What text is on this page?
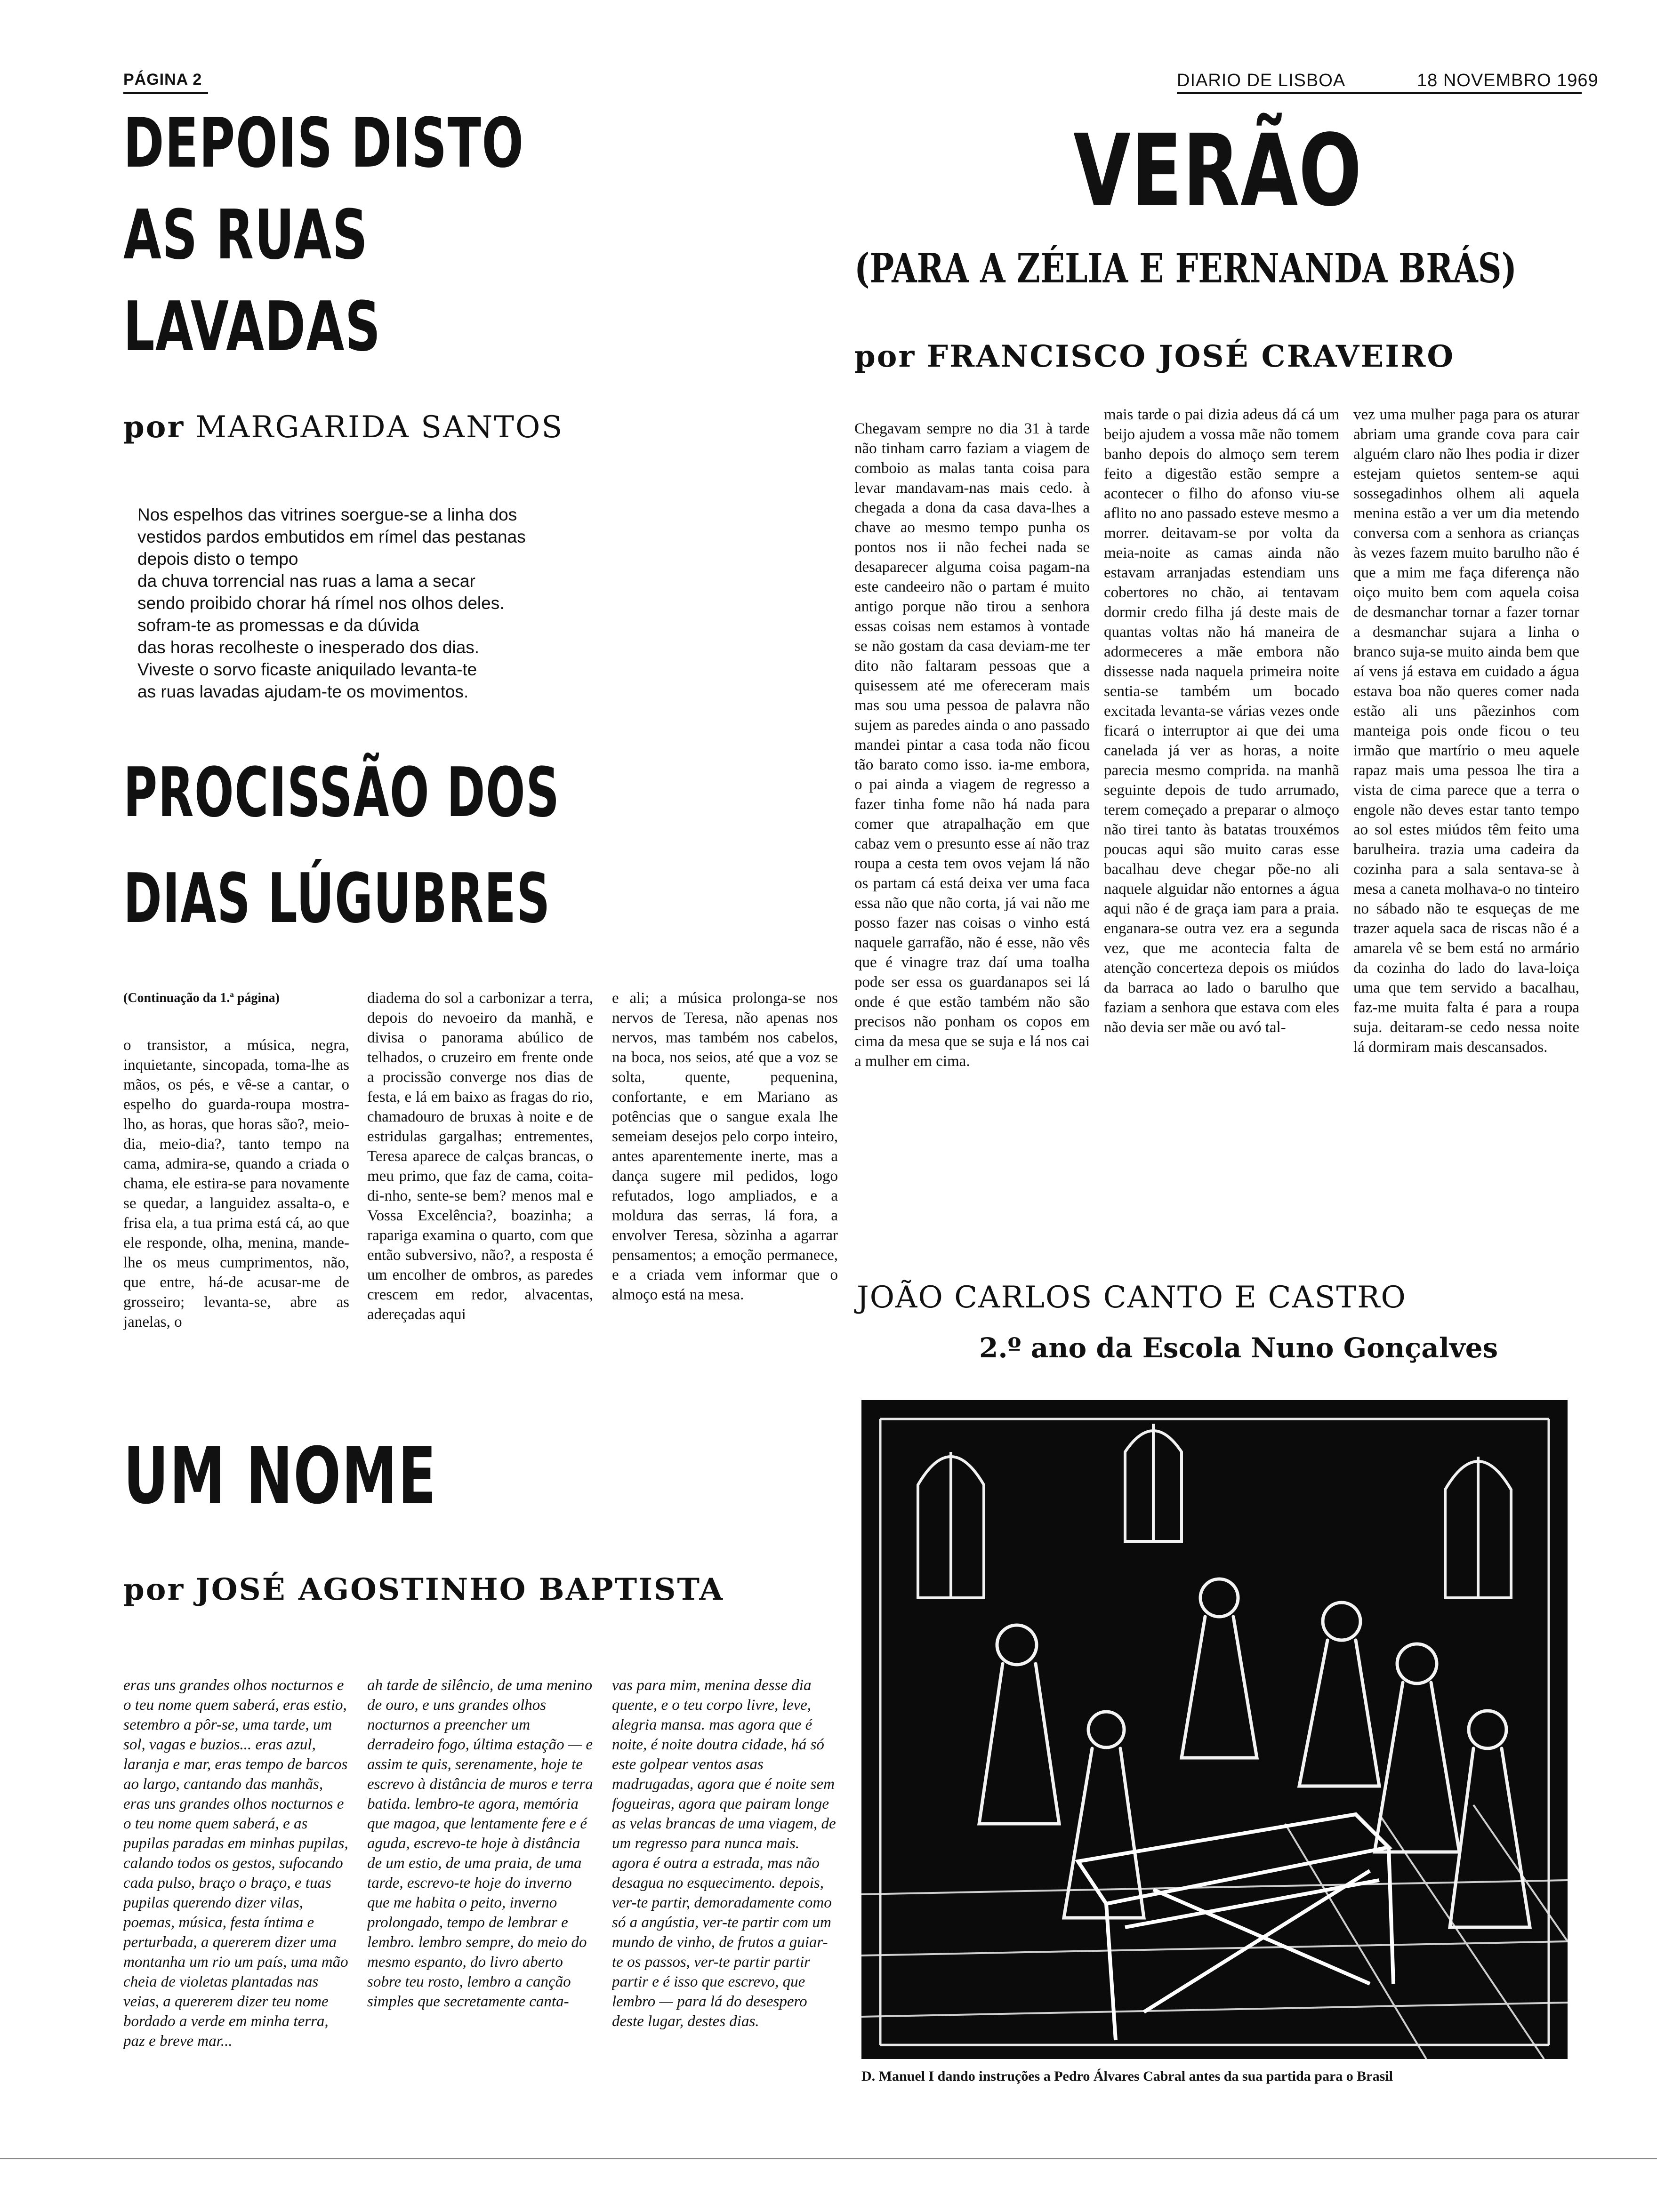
PÁGINA 2	DIARIO DE LISBOA	18 NOVEMBRO 1969
DEPOIS DISTO
AS RUAS
LAVADAS
por MARGARIDA SANTOS
Nos espelhos das vitrines soergue-se a linha dos
vestidos pardos embutidos em rímel das pestanas
depois disto o tempo
da chuva torrencial nas ruas a lama a secar
sendo proibido chorar há rímel nos olhos deles.
sofram-te as promessas e da dúvida
das horas recolheste o inesperado dos dias.
Viveste o sorvo ficaste aniquilado levanta-te
as ruas lavadas ajudam-te os movimentos.
PROCISSÃO DOS
DIAS LÚGUBRES
(Continuação da 1.ª página)
o transistor, a música, negra, inquietante, sincopada, toma-lhe as mãos, os pés, e vê-se a cantar, o espelho do guarda-roupa mostra-lho, as horas, que horas são?, meio-dia, meio-dia?, tanto tempo na cama, admira-se, quando a criada o chama, ele estira-se para novamente se quedar, a languidez assalta-o, e frisa ela, a tua prima está cá, ao que ele responde, olha, menina, mande-lhe os meus cumprimentos, não, que entre, há-de acusar-me de grosseiro; levanta-se, abre as janelas, o
diadema do sol a carbonizar a terra, depois do nevoeiro da manhã, e divisa o panorama abúlico de telhados, o cruzeiro em frente onde a procissão converge nos dias de festa, e lá em baixo as fragas do rio, chamadouro de bruxas à noite e de estridulas gargalhas; entrementes, Teresa aparece de calças brancas, o meu primo, que faz de cama, coita-di-nho, sente-se bem? menos mal e Vossa Excelência?, boazinha; a rapariga examina o quarto, com que então subversivo, não?, a resposta é um encolher de ombros, as paredes crescem em redor, alvacentas, adereçadas aqui
e ali; a música prolonga-se nos nervos de Teresa, não apenas nos nervos, mas também nos cabelos, na boca, nos seios, até que a voz se solta, quente, pequenina, confortante, e em Mariano as potências que o sangue exala lhe semeiam desejos pelo corpo inteiro, antes aparentemente inerte, mas a dança sugere mil pedidos, logo refutados, logo ampliados, e a moldura das serras, lá fora, a envolver Teresa, sòzinha a agarrar pensamentos; a emoção permanece, e a criada vem informar que o almoço está na mesa.
UM NOME
por JOSÉ AGOSTINHO BAPTISTA
eras uns grandes olhos nocturnos e o teu nome quem saberá, eras estio, setembro a pôr-se, uma tarde, um sol, vagas e buzios... eras azul, laranja e mar, eras tempo de barcos ao largo, cantando das manhãs, eras uns grandes olhos nocturnos e o teu nome quem saberá, e as pupilas paradas em minhas pupilas, calando todos os gestos, sufocando cada pulso, braço o braço, e tuas pupilas querendo dizer vilas, poemas, música, festa íntima e perturbada, a quererem dizer uma montanha um rio um país, uma mão cheia de violetas plantadas nas veias, a quererem dizer teu nome bordado a verde em minha terra, paz e breve mar...
ah tarde de silêncio, de uma menino de ouro, e uns grandes olhos nocturnos a preencher um derradeiro fogo, última estação — e assim te quis, serenamente, hoje te escrevo à distância de muros e terra batida. lembro-te agora, memória que magoa, que lentamente fere e é aguda, escrevo-te hoje à distância de um estio, de uma praia, de uma tarde, escrevo-te hoje do inverno que me habita o peito, inverno prolongado, tempo de lembrar e lembro. lembro sempre, do meio do mesmo espanto, do livro aberto sobre teu rosto, lembro a canção simples que secretamente canta-
vas para mim, menina desse dia quente, e o teu corpo livre, leve, alegria mansa. mas agora que é noite, é noite doutra cidade, há só este golpear ventos asas madrugadas, agora que é noite sem fogueiras, agora que pairam longe as velas brancas de uma viagem, de um regresso para nunca mais. agora é outra a estrada, mas não desagua no esquecimento. depois, ver-te partir, demoradamente como só a angústia, ver-te partir com um mundo de vinho, de frutos a guiar-te os passos, ver-te partir partir partir e é isso que escrevo, que lembro — para lá do desespero deste lugar, destes dias.
VERÃO
(PARA A ZÉLIA E FERNANDA BRÁS)
por FRANCISCO JOSÉ CRAVEIRO
Chegavam sempre no dia 31 à tarde não tinham carro faziam a viagem de comboio as malas tanta coisa para levar mandavam-nas mais cedo. à chegada a dona da casa dava-lhes a chave ao mesmo tempo punha os pontos nos ii não fechei nada se desaparecer alguma coisa pagam-na este candeeiro não o partam é muito antigo porque não tirou a senhora essas coisas nem estamos à vontade se não gostam da casa deviam-me ter dito não faltaram pessoas que a quisessem até me ofereceram mais mas sou uma pessoa de palavra não sujem as paredes ainda o ano passado mandei pintar a casa toda não ficou tão barato como isso. ia-me embora, o pai ainda a viagem de regresso a fazer tinha fome não há nada para comer que atrapalhação em que cabaz vem o presunto esse aí não traz roupa a cesta tem ovos vejam lá não os partam cá está deixa ver uma faca essa não que não corta, já vai não me posso fazer nas coisas o vinho está naquele garrafão, não é esse, não vês que é vinagre traz daí uma toalha pode ser essa os guardanapos sei lá onde é que estão também não são precisos não ponham os copos em cima da mesa que se suja e lá nos cai a mulher em cima.
mais tarde o pai dizia adeus dá cá um beijo ajudem a vossa mãe não tomem banho depois do almoço sem terem feito a digestão estão sempre a acontecer o filho do afonso viu-se aflito no ano passado esteve mesmo a morrer. deitavam-se por volta da meia-noite as camas ainda não estavam arranjadas estendiam uns cobertores no chão, ai tentavam dormir credo filha já deste mais de quantas voltas não há maneira de adormeceres a mãe embora não dissesse nada naquela primeira noite sentia-se também um bocado excitada levanta-se várias vezes onde ficará o interruptor ai que dei uma canelada já ver as horas, a noite parecia mesmo comprida. na manhã seguinte depois de tudo arrumado, terem começado a preparar o almoço não tirei tanto às batatas trouxémos poucas aqui são muito caras esse bacalhau deve chegar põe-no ali naquele alguidar não entornes a água aqui não é de graça iam para a praia. enganara-se outra vez era a segunda vez, que me acontecia falta de atenção concerteza depois os miúdos da barraca ao lado o barulho que faziam a senhora que estava com eles não devia ser mãe ou avó tal-
vez uma mulher paga para os aturar abriam uma grande cova para cair alguém claro não lhes podia ir dizer estejam quietos sentem-se aqui sossegadinhos olhem ali aquela menina estão a ver um dia metendo conversa com a senhora as crianças às vezes fazem muito barulho não é que a mim me faça diferença não oiço muito bem com aquela coisa de desmanchar tornar a fazer tornar a desmanchar sujara a linha o branco suja-se muito ainda bem que aí vens já estava em cuidado a água estava boa não queres comer nada estão ali uns pãezinhos com manteiga pois onde ficou o teu irmão que martírio o meu aquele rapaz mais uma pessoa lhe tira a vista de cima parece que a terra o engole não deves estar tanto tempo ao sol estes miúdos têm feito uma barulheira. trazia uma cadeira da cozinha para a sala sentava-se à mesa a caneta molhava-o no tinteiro no sábado não te esqueças de me trazer aquela saca de riscas não é a amarela vê se bem está no armário da cozinha do lado do lava-loiça uma que tem servido a bacalhau, faz-me muita falta é para a roupa suja. deitaram-se cedo nessa noite lá dormiram mais descansados.
JOÃO CARLOS CANTO E CASTRO
2.º ano da Escola Nuno Gonçalves
D. Manuel I dando instruções a Pedro Álvares Cabral antes da sua partida para o Brasil
